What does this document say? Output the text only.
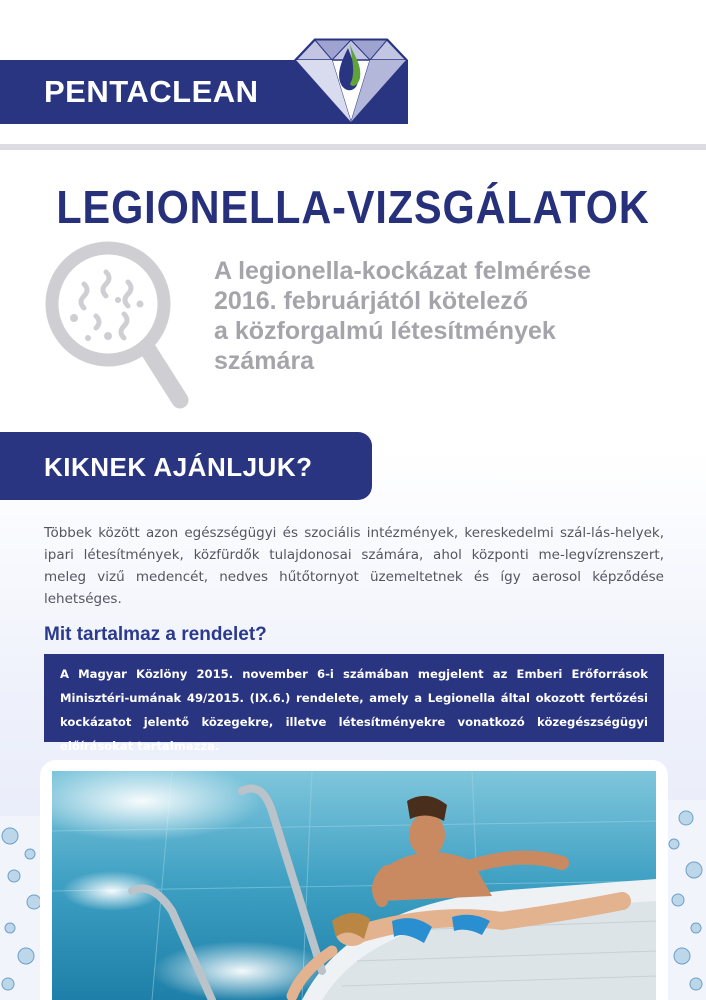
PENTACLEAN
LEGIONELLA-VIZSGÁLATOK
A legionella-kockázat felmérése
2016. februárjától kötelező
a közforgalmú létesítmények
számára
KIKNEK AJÁNLJUK?
Többek között azon egészségügyi és szociális intézmények, kereskedelmi szál-lás-helyek, ipari létesítmények, közfürdők tulajdonosai számára, ahol központi me-legvízrenszert, meleg vizű medencét, nedves hűtőtornyot üzemeltetnek és így aerosol képződése lehetséges.
Mit tartalmaz a rendelet?
A Magyar Közlöny 2015. november 6-i számában megjelent az Emberi Erőforrások Minisztéri-umának 49/2015. (IX.6.) rendelete, amely a Legionella által okozott fertőzési kockázatot jelentő közegekre, illetve létesítményekre vonatkozó közegészségügyi előírásokat tartalmazza.
